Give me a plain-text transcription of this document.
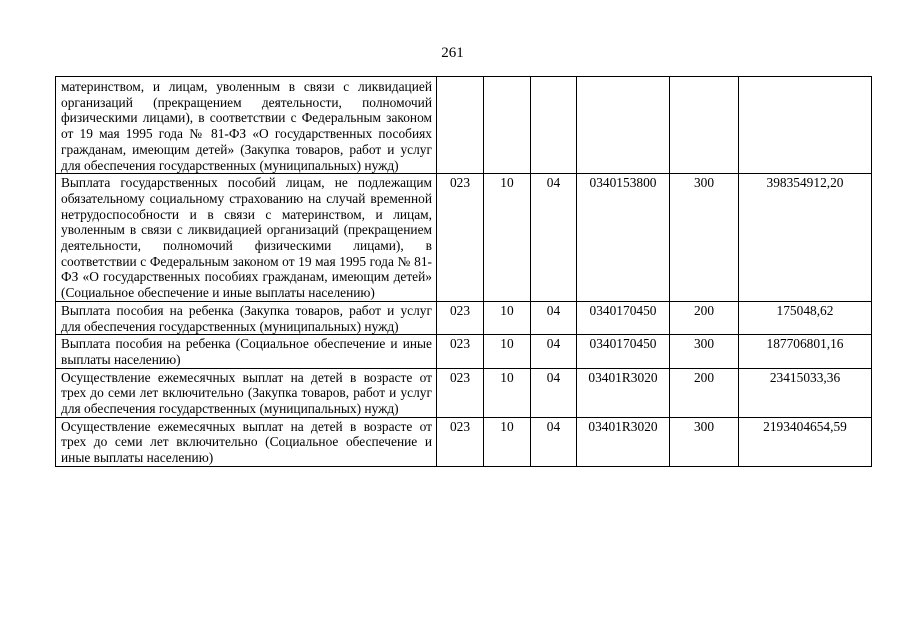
261
материнством, и лицам, уволенным в связи с ликвидацией организаций (прекращением деятельности, полномочий физическими лицами), в соответствии с Федеральным законом от 19 мая 1995 года № 81-ФЗ «О государственных пособиях гражданам, имеющим детей» (Закупка товаров, работ и услуг для обеспечения государственных (муниципальных) нужд)						
Выплата государственных пособий лицам, не подлежащим обязательному социальному страхованию на случай временной нетрудоспособности и в связи с материнством, и лицам, уволенным в связи с ликвидацией организаций (прекращением деятельности, полномочий физическими лицами), в соответствии с Федеральным законом от 19 мая 1995 года № 81-ФЗ «О государственных пособиях гражданам, имеющим детей» (Социальное обеспечение и иные выплаты населению)	023	10	04	0340153800	300	398354912,20
Выплата пособия на ребенка (Закупка товаров, работ и услуг для обеспечения государственных (муниципальных) нужд)	023	10	04	0340170450	200	175048,62
Выплата пособия на ребенка (Социальное обеспечение и иные выплаты населению)	023	10	04	0340170450	300	187706801,16
Осуществление ежемесячных выплат на детей в возрасте от трех до семи лет включительно (Закупка товаров, работ и услуг для обеспечения государственных (муниципальных) нужд)	023	10	04	03401R3020	200	23415033,36
Осуществление ежемесячных выплат на детей в возрасте от трех до семи лет включительно (Социальное обеспечение и иные выплаты населению)	023	10	04	03401R3020	300	2193404654,59
